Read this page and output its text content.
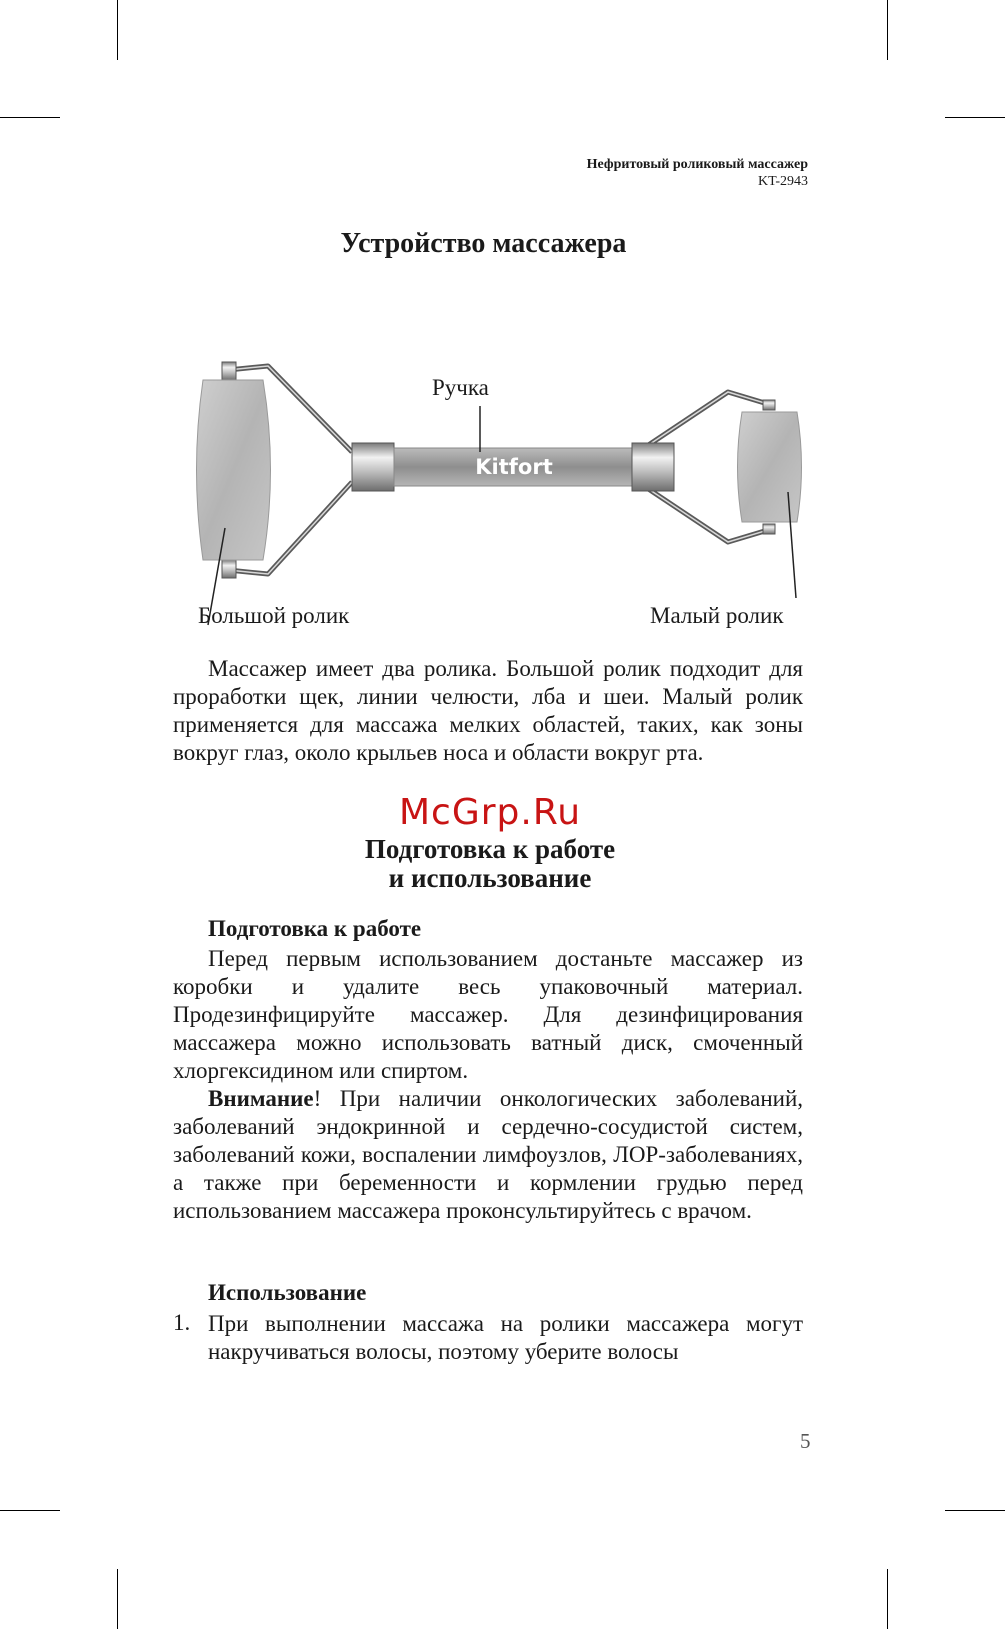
Нефритовый роликовый массажер
KT-2943
Устройство массажера
Kitfort
Ручка
Большой ролик	Малый ролик

Массажер имеет два ролика. Большой ролик подходит для проработки щек, линии челюсти, лба и шеи. Малый ролик применяется для массажа мелких областей, таких, как зоны вокруг глаз, около крыльев носа и области вокруг рта.

McGrp.Ru
Подготовка к работе
и использование
Подготовка к работе

Перед первым использованием достаньте массажер из коробки и удалите весь упаковочный материал. Продезинфицируйте массажер. Для дезинфицирования массажера можно использовать ватный диск, смоченный хлоргексидином или спиртом.

Внимание! При наличии онкологических заболеваний, заболеваний эндокринной и сердечно-сосудистой систем, заболеваний кожи, воспалении лимфоузлов, ЛОР-заболеваниях, а также при беременности и кормлении грудью перед использованием массажера проконсультируйтесь с врачом.

Использование
1. При выполнении массажа на ролики массажера могут накручиваться волосы, поэтому уберите волосы

5
